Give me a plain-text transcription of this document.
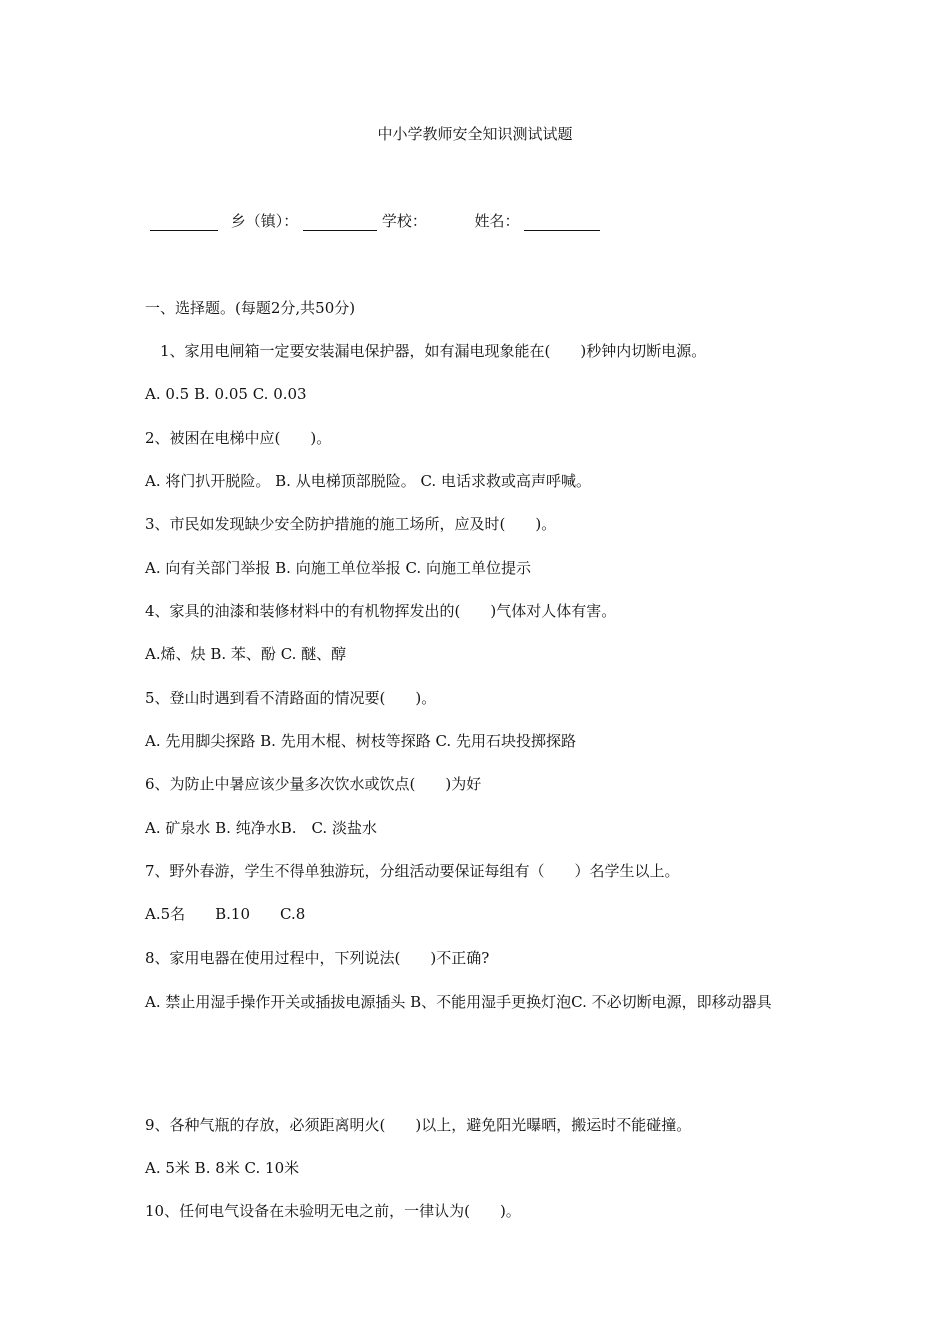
中小学教师安全知识测试试题
乡（镇）：	学校：	姓名：
一、选择题。(每题2分,共50分)
1、家用电闸箱一定要安装漏电保护器，如有漏电现象能在(　　)秒钟内切断电源。
A. 0.5 B. 0.05 C. 0.03
2、被困在电梯中应(　　)。
A. 将门扒开脱险。 B. 从电梯顶部脱险。 C. 电话求救或高声呼喊。
3、市民如发现缺少安全防护措施的施工场所，应及时(　　)。
A. 向有关部门举报 B. 向施工单位举报 C. 向施工单位提示
4、家具的油漆和装修材料中的有机物挥发出的(　　)气体对人体有害。
A.烯、炔 B. 苯、酚 C. 醚、醇
5、登山时遇到看不清路面的情况要(　　)。
A. 先用脚尖探路 B. 先用木棍、树枝等探路 C. 先用石块投掷探路
6、为防止中暑应该少量多次饮水或饮点(　　)为好
A. 矿泉水 B. 纯净水B.　C. 淡盐水
7、野外春游，学生不得单独游玩，分组活动要保证每组有（　　）名学生以上。
A.5名　　B.10　　C.8
8、家用电器在使用过程中，下列说法(　　)不正确?
A. 禁止用湿手操作开关或插拔电源插头 B、不能用湿手更换灯泡C. 不必切断电源，即移动器具
9、各种气瓶的存放，必须距离明火(　　)以上，避免阳光曝晒，搬运时不能碰撞。
A. 5米 B. 8米 C. 10米
10、任何电气设备在未验明无电之前，一律认为(　　)。
